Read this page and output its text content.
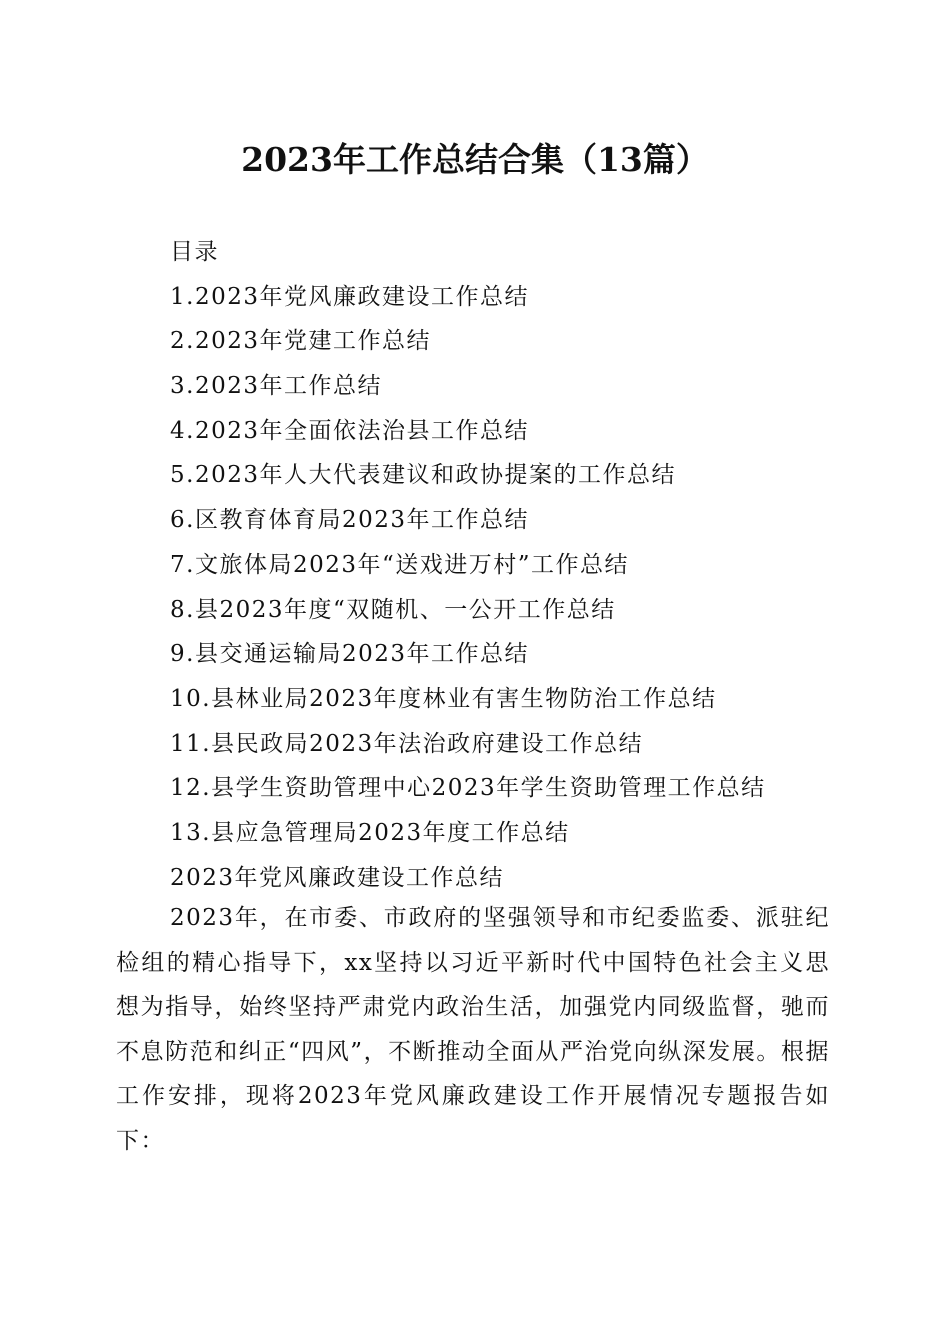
2023年工作总结合集（13篇）
目录
1.2023年党风廉政建设工作总结
2.2023年党建工作总结
3.2023年工作总结
4.2023年全面依法治县工作总结
5.2023年人大代表建议和政协提案的工作总结
6.区教育体育局2023年工作总结
7.文旅体局2023年“送戏进万村”工作总结
8.县2023年度“双随机、一公开工作总结
9.县交通运输局2023年工作总结
10.县林业局2023年度林业有害生物防治工作总结
11.县民政局2023年法治政府建设工作总结
12.县学生资助管理中心2023年学生资助管理工作总结
13.县应急管理局2023年度工作总结
2023年党风廉政建设工作总结

2023年，在市委、市政府的坚强领导和市纪委监委、派驻纪检组的精心指导下，xx坚持以习近平新时代中国特色社会主义思想为指导，始终坚持严肃党内政治生活，加强党内同级监督，驰而不息防范和纠正“四风”，不断推动全面从严治党向纵深发展。根据工作安排，现将2023年党风廉政建设工作开展情况专题报告如下：
